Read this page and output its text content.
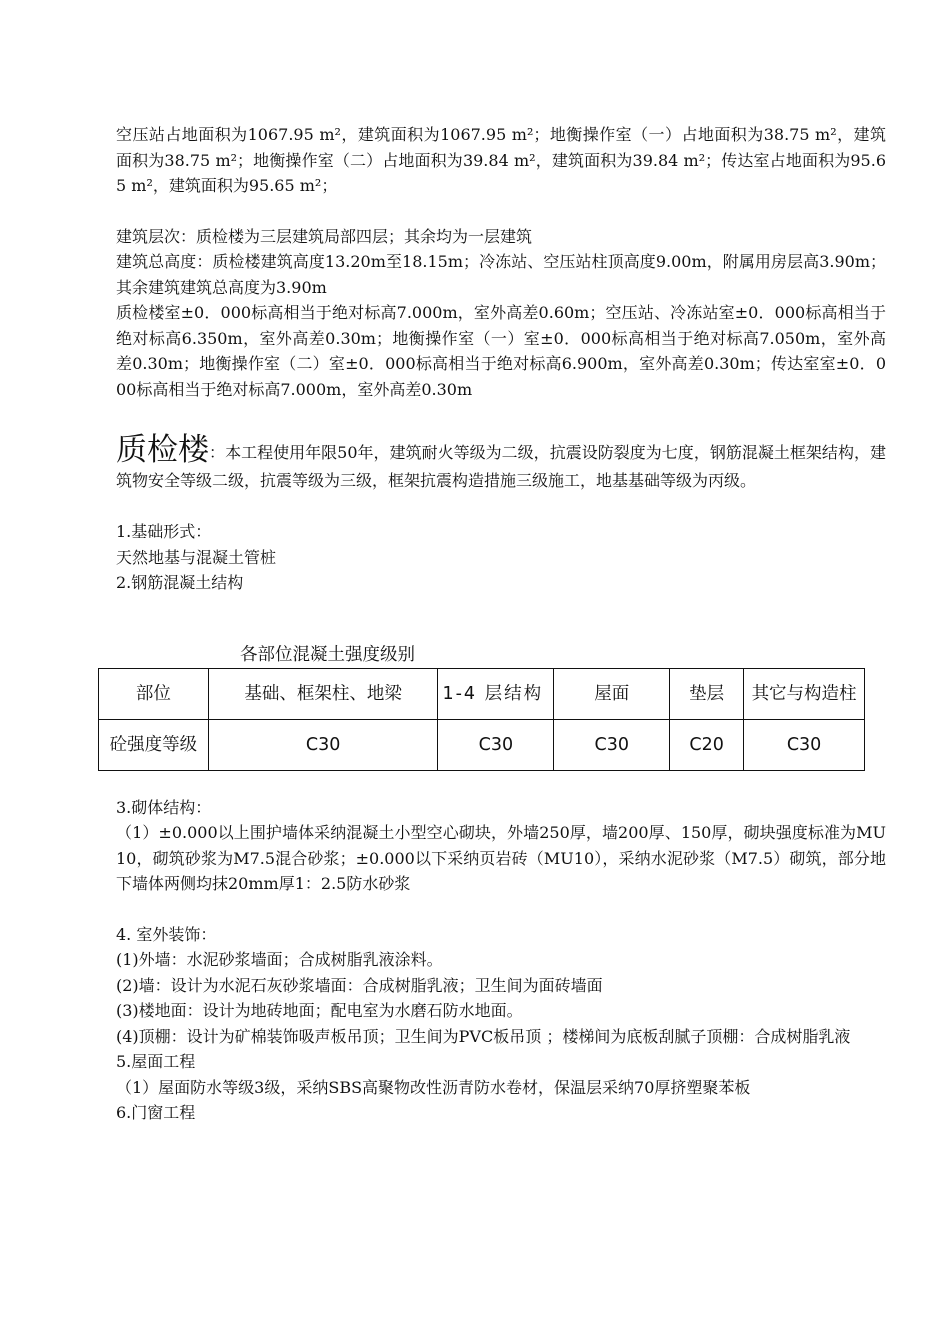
空压站占地面积为1067.95 m²，建筑面积为1067.95 m²；地衡操作室（一）占地面积为38.75 m²，建筑面积为38.75 m²；地衡操作室（二）占地面积为39.84 m²，建筑面积为39.84 m²；传达室占地面积为95.65 m²，建筑面积为95.65 m²；

建筑层次：质检楼为三层建筑局部四层；其余均为一层建筑

建筑总高度：质检楼建筑高度13.20m至18.15m；冷冻站、空压站柱顶高度9.00m，附属用房层高3.90m；其余建筑建筑总高度为3.90m

质检楼室±0．000标高相当于绝对标高7.000m，室外高差0.60m；空压站、冷冻站室±0．000标高相当于绝对标高6.350m，室外高差0.30m；地衡操作室（一）室±0．000标高相当于绝对标高7.050m，室外高差0.30m；地衡操作室（二）室±0．000标高相当于绝对标高6.900m，室外高差0.30m；传达室室±0．000标高相当于绝对标高7.000m，室外高差0.30m

质检楼：本工程使用年限50年，建筑耐火等级为二级，抗震设防裂度为七度，钢筋混凝土框架结构，建筑物安全等级二级，抗震等级为三级，框架抗震构造措施三级施工，地基基础等级为丙级。

1.基础形式：

天然地基与混凝土管桩

2.钢筋混凝土结构

各部位混凝土强度级别
部位	基础、框架柱、地梁	1-4 层结构	屋面	垫层	其它与构造柱
砼强度等级	C30	C30	C30	C20	C30

3.砌体结构：

（1）±0.000以上围护墙体采纳混凝土小型空心砌块，外墙250厚，墙200厚、150厚，砌块强度标准为MU10，砌筑砂浆为M7.5混合砂浆；±0.000以下采纳页岩砖（MU10），采纳水泥砂浆（M7.5）砌筑，部分地下墙体两侧均抹20mm厚1：2.5防水砂浆

4. 室外装饰：

(1)外墙：水泥砂浆墙面；合成树脂乳液涂料。

(2)墙：设计为水泥石灰砂浆墙面：合成树脂乳液；卫生间为面砖墙面

(3)楼地面：设计为地砖地面；配电室为水磨石防水地面。

(4)顶棚：设计为矿棉装饰吸声板吊顶；卫生间为PVC板吊顶 ；楼梯间为底板刮腻子顶棚：合成树脂乳液

5.屋面工程

（1）屋面防水等级3级，采纳SBS高聚物改性沥青防水卷材，保温层采纳70厚挤塑聚苯板

6.门窗工程
